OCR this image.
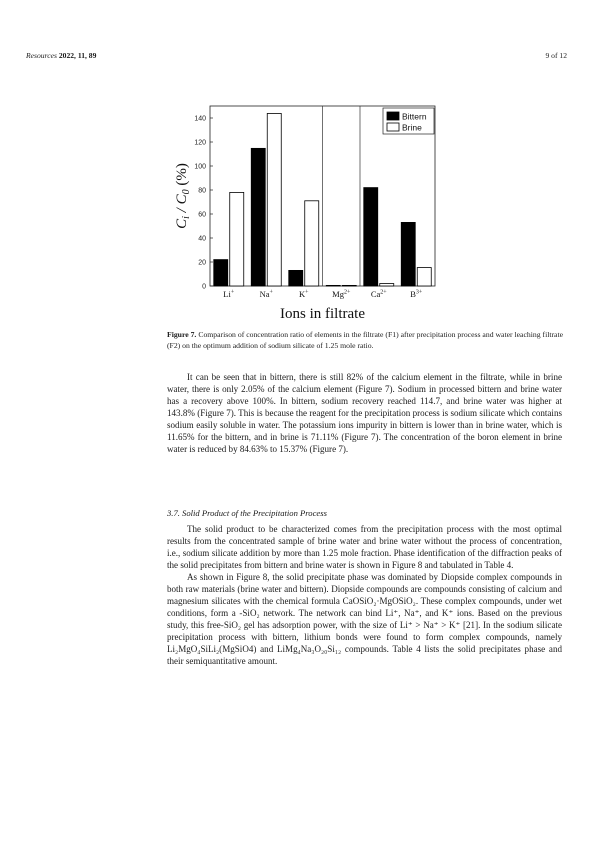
Resources 2022, 11, 89	9 of 12
0
20
40
60
80
100
120
140
Li+	Na+	K+	$Mg^{2+}$ $Ca^{2+}$	$B^{3+}$
Ions in filtrate
$C_i / C_0$ (%)
Bittern
Brine
Figure 7. Comparison of concentration ratio of elements in the filtrate (F1) after precipitation process and water leaching filtrate (F2) on the optimum addition of sodium silicate of 1.25 mole ratio.

It can be seen that in bittern, there is still 82% of the calcium element in the filtrate, while in brine water, there is only 2.05% of the calcium element (Figure 7). Sodium in processed bittern and brine water has a recovery above 100%. In bittern, sodium recovery reached 114.7, and brine water was higher at 143.8% (Figure 7). This is because the reagent for the precipitation process is sodium silicate which contains sodium easily soluble in water. The potassium ions impurity in bittern is lower than in brine water, which is 11.65% for the bittern, and in brine is 71.11% (Figure 7). The concentration of the boron element in brine water is reduced by 84.63% to 15.37% (Figure 7).

3.7. Solid Product of the Precipitation Process

The solid product to be characterized comes from the precipitation process with the most optimal results from the concentrated sample of brine water and brine water without the process of concentration, i.e., sodium silicate addition by more than 1.25 mole fraction. Phase identification of the diffraction peaks of the solid precipitates from bittern and brine water is shown in Figure 8 and tabulated in Table 4.

As shown in Figure 8, the solid precipitate phase was dominated by Diopside complex compounds in both raw materials (brine water and bittern). Diopside compounds are compounds consisting of calcium and magnesium silicates with the chemical formula CaOSiO₂·MgOSiO₂. These complex compounds, under wet conditions, form a -SiO₂ network. The network can bind Li⁺, Na⁺, and K⁺ ions. Based on the previous study, this free-SiO₂ gel has adsorption power, with the size of Li⁺ > Na⁺ > K⁺ [21]. In the sodium silicate precipitation process with bittern, lithium bonds were found to form complex compounds, namely Li₂MgO₄SiLi₂(MgSiO4) and LiMg₄Na₃O₂₀Si₁₂ compounds. Table 4 lists the solid precipitates phase and their semiquantitative amount.
